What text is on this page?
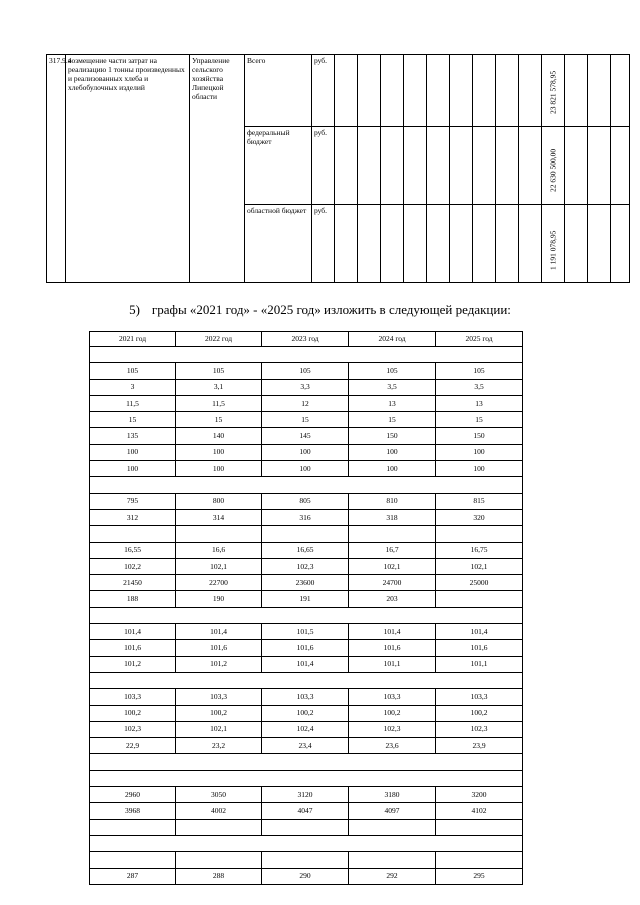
317.9.4	возмещение части затрат на реализацию 1 тонны произведенных и реализованных хлеба и хлебобулочных изделий	Управление сельского хозяйства Липецкой области	Всего	руб.										23 821 578,95			

			федеральный бюджет	руб.										22 630 500,00			

			областной бюджет	руб.										1 191 078,95			

5) графы «2021 год» - «2025 год» изложить в следующей редакции:
2021 год	2022 год	2023 год	2024 год	2025 год

105	105	105	105	105
3	3,1	3,3	3,5	3,5
11,5	11,5	12	13	13
15	15	15	15	15
135	140	145	150	150
100	100	100	100	100
100	100	100	100	100

795	800	805	810	815
312	314	316	318	320

16,55	16,6	16,65	16,7	16,75
102,2	102,1	102,3	102,1	102,1
21450	22700	23600	24700	25000
188	190	191	203	

101,4	101,4	101,5	101,4	101,4
101,6	101,6	101,6	101,6	101,6
101,2	101,2	101,4	101,1	101,1

103,3	103,3	103,3	103,3	103,3
100,2	100,2	100,2	100,2	100,2
102,3	102,1	102,4	102,3	102,3
22,9	23,2	23,4	23,6	23,9

2960	3050	3120	3180	3200
3968	4002	4047	4097	4102

287	288	290	292	295
